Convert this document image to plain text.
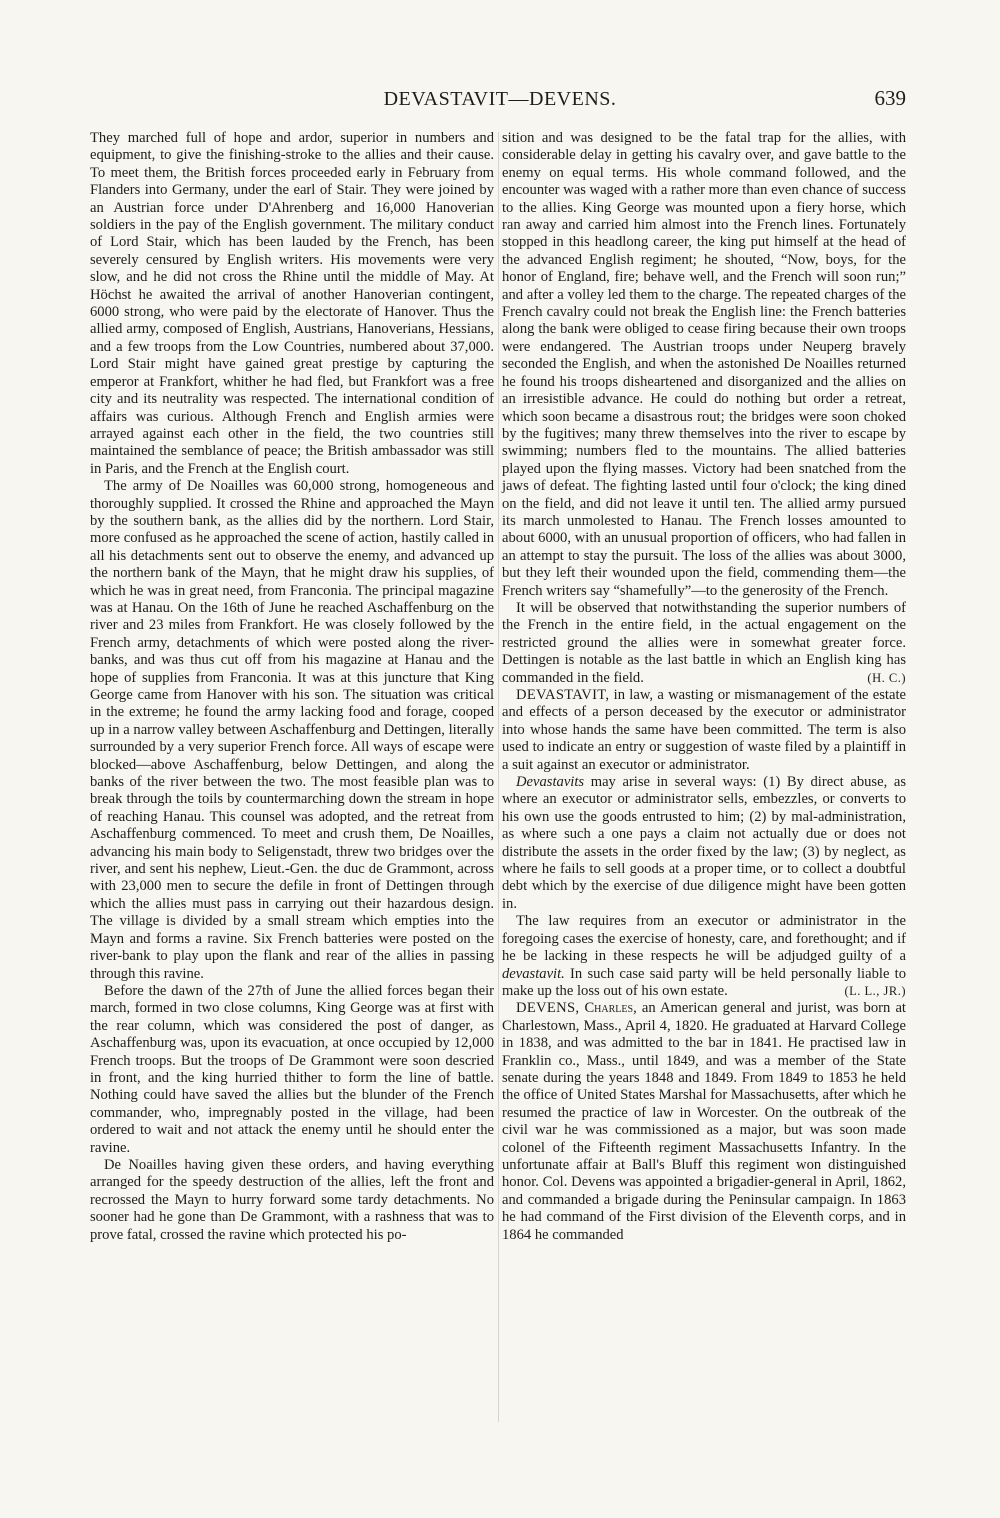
DEVASTAVIT—DEVENS.	639

They marched full of hope and ardor, superior in numbers and equipment, to give the finishing-stroke to the allies and their cause. To meet them, the British forces proceeded early in February from Flanders into Germany, under the earl of Stair. They were joined by an Austrian force under D'Ahrenberg and 16,000 Hanoverian soldiers in the pay of the English government. The military conduct of Lord Stair, which has been lauded by the French, has been severely censured by English writers. His movements were very slow, and he did not cross the Rhine until the middle of May. At Höchst he awaited the arrival of another Hanoverian contingent, 6000 strong, who were paid by the electorate of Hanover. Thus the allied army, composed of English, Austrians, Hanoverians, Hessians, and a few troops from the Low Countries, numbered about 37,000. Lord Stair might have gained great prestige by capturing the emperor at Frankfort, whither he had fled, but Frankfort was a free city and its neutrality was respected. The international condition of affairs was curious. Although French and English armies were arrayed against each other in the field, the two countries still maintained the semblance of peace; the British ambassador was still in Paris, and the French at the English court.

The army of De Noailles was 60,000 strong, homogeneous and thoroughly supplied. It crossed the Rhine and approached the Mayn by the southern bank, as the allies did by the northern. Lord Stair, more confused as he approached the scene of action, hastily called in all his detachments sent out to observe the enemy, and advanced up the northern bank of the Mayn, that he might draw his supplies, of which he was in great need, from Franconia. The principal magazine was at Hanau. On the 16th of June he reached Aschaffenburg on the river and 23 miles from Frankfort. He was closely followed by the French army, detachments of which were posted along the river-banks, and was thus cut off from his magazine at Hanau and the hope of supplies from Franconia. It was at this juncture that King George came from Hanover with his son. The situation was critical in the extreme; he found the army lacking food and forage, cooped up in a narrow valley between Aschaffenburg and Dettingen, literally surrounded by a very superior French force. All ways of escape were blocked—above Aschaffenburg, below Dettingen, and along the banks of the river between the two. The most feasible plan was to break through the toils by countermarching down the stream in hope of reaching Hanau. This counsel was adopted, and the retreat from Aschaffenburg commenced. To meet and crush them, De Noailles, advancing his main body to Seligenstadt, threw two bridges over the river, and sent his nephew, Lieut.-Gen. the duc de Grammont, across with 23,000 men to secure the defile in front of Dettingen through which the allies must pass in carrying out their hazardous design. The village is divided by a small stream which empties into the Mayn and forms a ravine. Six French batteries were posted on the river-bank to play upon the flank and rear of the allies in passing through this ravine.

Before the dawn of the 27th of June the allied forces began their march, formed in two close columns, King George was at first with the rear column, which was considered the post of danger, as Aschaffenburg was, upon its evacuation, at once occupied by 12,000 French troops. But the troops of De Grammont were soon descried in front, and the king hurried thither to form the line of battle. Nothing could have saved the allies but the blunder of the French commander, who, impregnably posted in the village, had been ordered to wait and not attack the enemy until he should enter the ravine.

De Noailles having given these orders, and having everything arranged for the speedy destruction of the allies, left the front and recrossed the Mayn to hurry forward some tardy detachments. No sooner had he gone than De Grammont, with a rashness that was to prove fatal, crossed the ravine which protected his po-

sition and was designed to be the fatal trap for the allies, with considerable delay in getting his cavalry over, and gave battle to the enemy on equal terms. His whole command followed, and the encounter was waged with a rather more than even chance of success to the allies. King George was mounted upon a fiery horse, which ran away and carried him almost into the French lines. Fortunately stopped in this headlong career, the king put himself at the head of the advanced English regiment; he shouted, “Now, boys, for the honor of England, fire; behave well, and the French will soon run;” and after a volley led them to the charge. The repeated charges of the French cavalry could not break the English line: the French batteries along the bank were obliged to cease firing because their own troops were endangered. The Austrian troops under Neuperg bravely seconded the English, and when the astonished De Noailles returned he found his troops disheartened and disorganized and the allies on an irresistible advance. He could do nothing but order a retreat, which soon became a disastrous rout; the bridges were soon choked by the fugitives; many threw themselves into the river to escape by swimming; numbers fled to the mountains. The allied batteries played upon the flying masses. Victory had been snatched from the jaws of defeat. The fighting lasted until four o'clock; the king dined on the field, and did not leave it until ten. The allied army pursued its march unmolested to Hanau. The French losses amounted to about 6000, with an unusual proportion of officers, who had fallen in an attempt to stay the pursuit. The loss of the allies was about 3000, but they left their wounded upon the field, commending them—the French writers say “shamefully”—to the generosity of the French.

It will be observed that notwithstanding the superior numbers of the French in the entire field, in the actual engagement on the restricted ground the allies were in somewhat greater force. Dettingen is notable as the last battle in which an English king has commanded in the field.	(H. C.)

DEVASTAVIT, in law, a wasting or mismanagement of the estate and effects of a person deceased by the executor or administrator into whose hands the same have been committed. The term is also used to indicate an entry or suggestion of waste filed by a plaintiff in a suit against an executor or administrator.

Devastavits may arise in several ways: (1) By direct abuse, as where an executor or administrator sells, embezzles, or converts to his own use the goods entrusted to him; (2) by mal-administration, as where such a one pays a claim not actually due or does not distribute the assets in the order fixed by the law; (3) by neglect, as where he fails to sell goods at a proper time, or to collect a doubtful debt which by the exercise of due diligence might have been gotten in.

The law requires from an executor or administrator in the foregoing cases the exercise of honesty, care, and forethought; and if he be lacking in these respects he will be adjudged guilty of a devastavit. In such case said party will be held personally liable to make up the loss out of his own estate.	(L. L., JR.)

DEVENS, Charles, an American general and jurist, was born at Charlestown, Mass., April 4, 1820. He graduated at Harvard College in 1838, and was admitted to the bar in 1841. He practised law in Franklin co., Mass., until 1849, and was a member of the State senate during the years 1848 and 1849. From 1849 to 1853 he held the office of United States Marshal for Massachusetts, after which he resumed the practice of law in Worcester. On the outbreak of the civil war he was commissioned as a major, but was soon made colonel of the Fifteenth regiment Massachusetts Infantry. In the unfortunate affair at Ball's Bluff this regiment won distinguished honor. Col. Devens was appointed a brigadier-general in April, 1862, and commanded a brigade during the Peninsular campaign. In 1863 he had command of the First division of the Eleventh corps, and in 1864 he commanded
